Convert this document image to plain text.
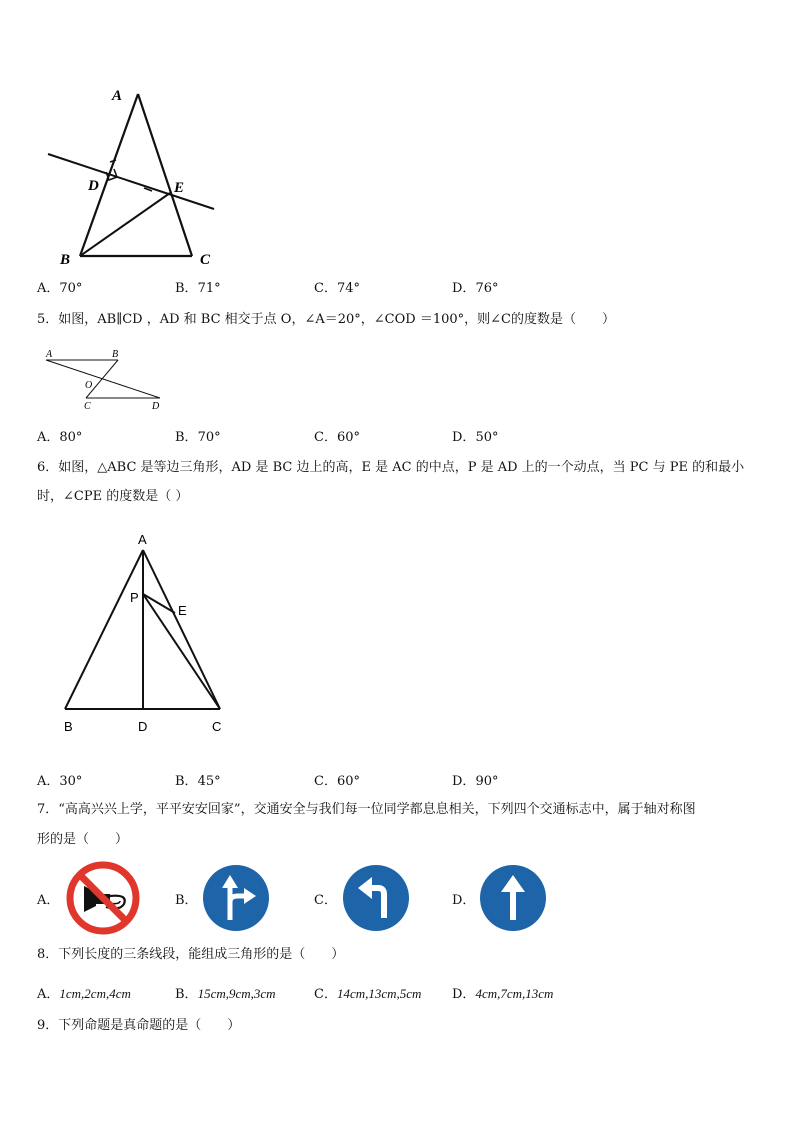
A
D	E
B	C
A．70°	B．71°	C．74°	D．76°
5．如图，AB∥CD ，AD 和 BC 相交于点 O，∠A＝20°，∠COD ＝100°，则∠C的度数是（　　）
A	B
O
C	D
A．80°	B．70°	C．60°	D．50°
6．如图，△ABC 是等边三角形，AD 是 BC 边上的高，E 是 AC 的中点，P 是 AD 上的一个动点，当 PC 与 PE 的和最小
时，∠CPE 的度数是（ ）
A
P
E
B	D	C
A．30°	B．45°	C．60°	D．90°
7．“高高兴兴上学，平平安安回家”，交通安全与我们每一位同学都息息相关，下列四个交通标志中，属于轴对称图
形的是（　　）
A．	B．	C．	D．
8．下列长度的三条线段，能组成三角形的是（　　）
A．1cm,2cm,4cm	B．15cm,9cm,3cm	C．14cm,13cm,5cm D．4cm,7cm,13cm
9．下列命题是真命题的是（　　）
